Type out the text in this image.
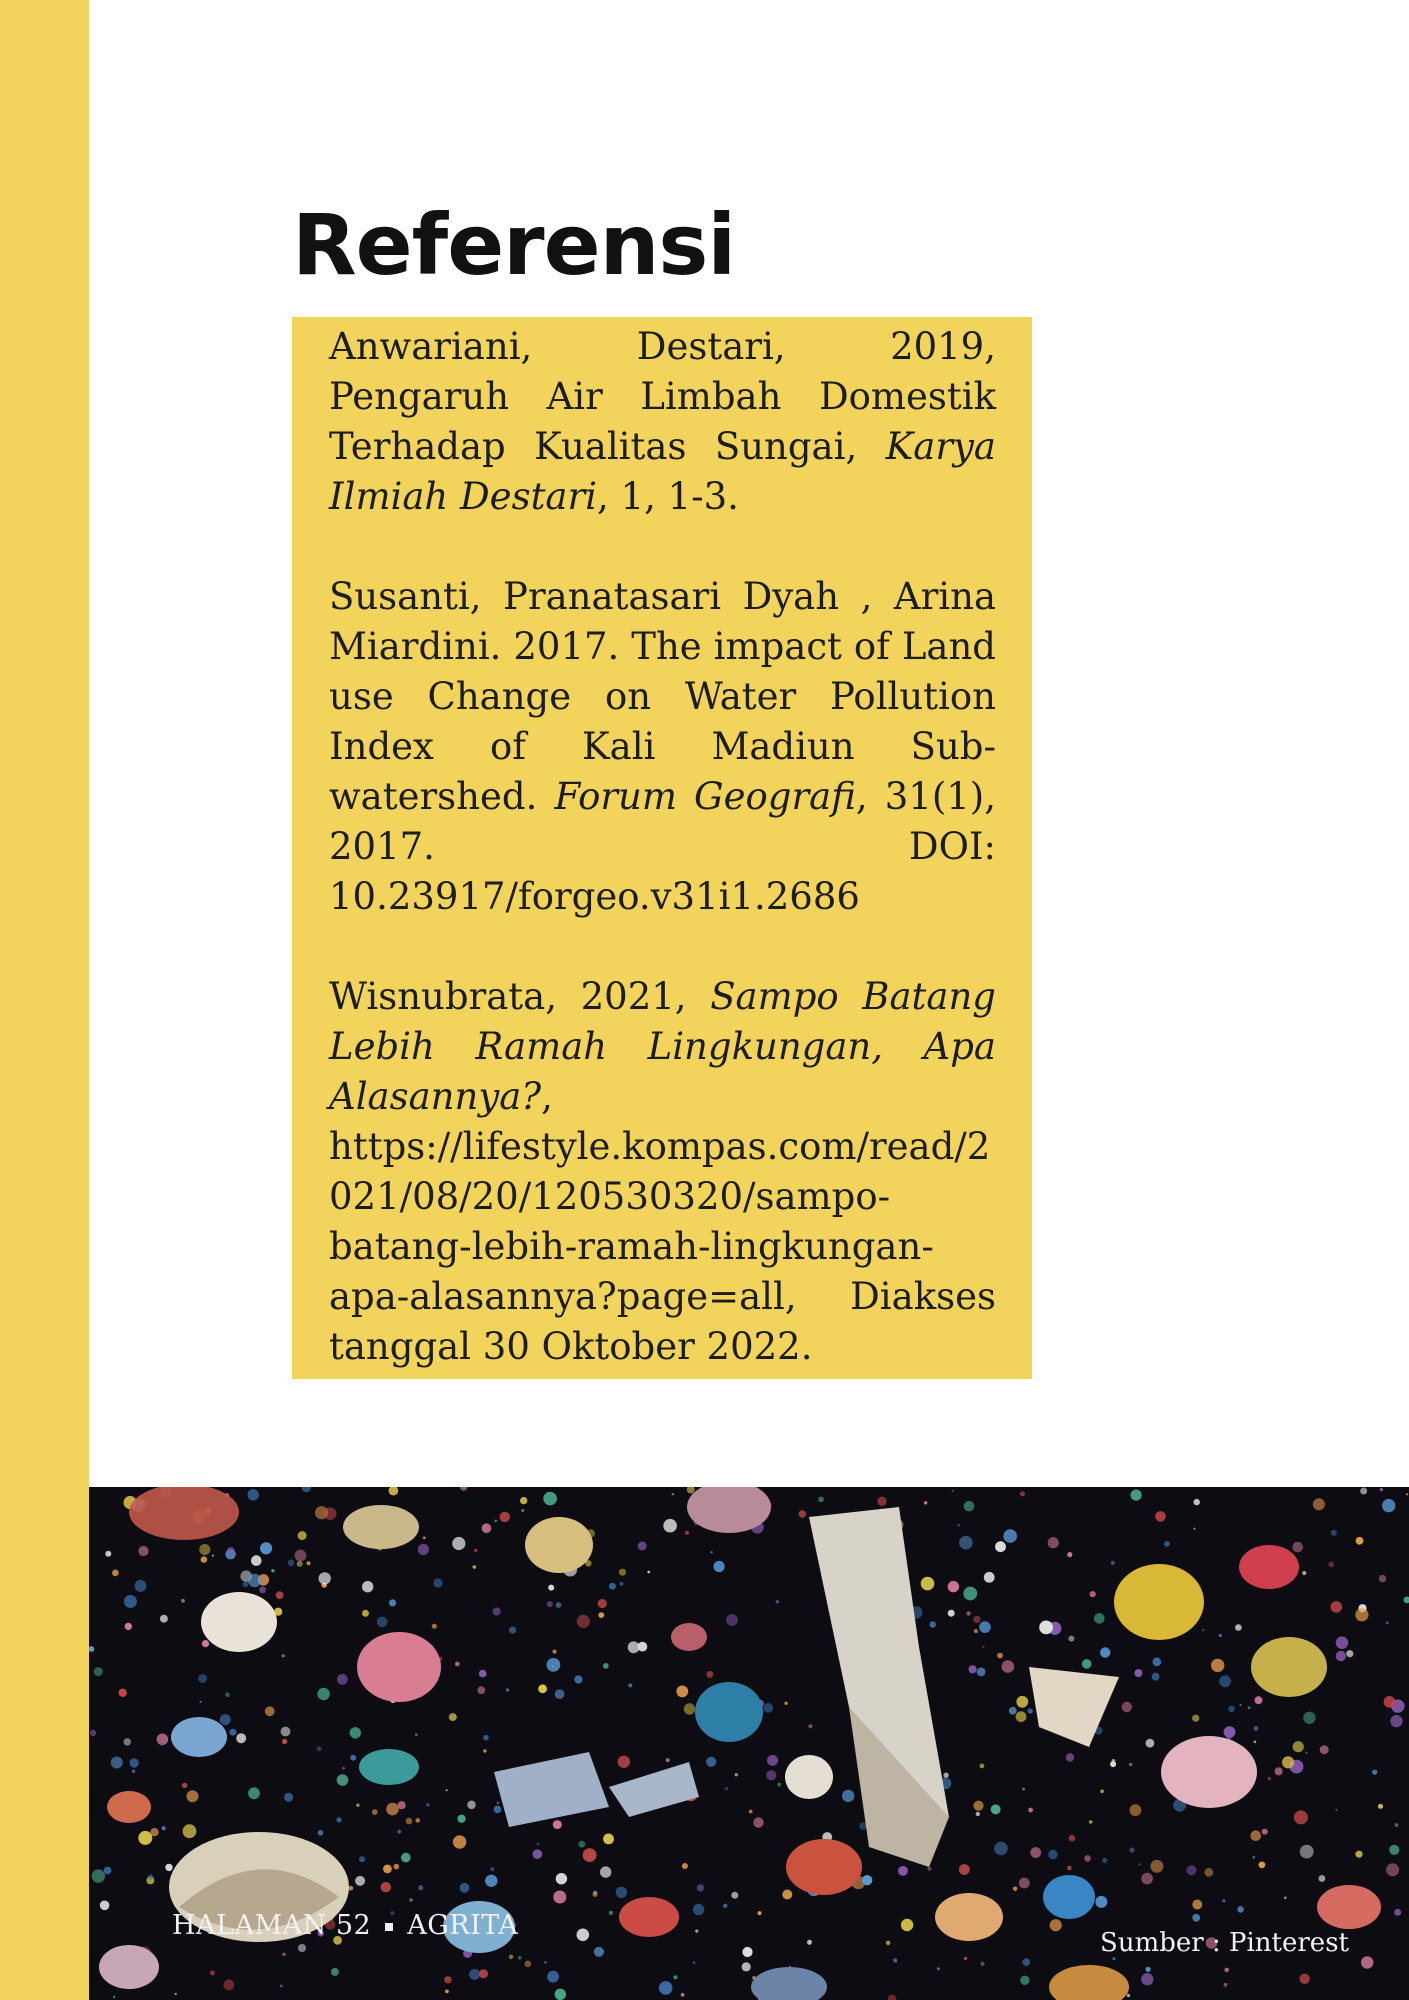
Referensi

Anwariani, Destari, 2019, Pengaruh Air Limbah Domestik Terhadap Kualitas Sungai, Karya Ilmiah Destari, 1, 1-3.

Susanti, Pranatasari Dyah , Arina Miardini. 2017. The impact of Land use Change on Water Pollution Index of Kali Madiun Sub-watershed. Forum Geografi, 31(1), 2017. DOI: 10.23917/forgeo.v31i1.2686

Wisnubrata, 2021, Sampo Batang Lebih Ramah Lingkungan, Apa Alasannya?, https://lifestyle.kompas.com/read/2021/08/20/120530320/sampo-batang-lebih-ramah-lingkungan-apa-alasannya?page=all, Diakses tanggal 30 Oktober 2022.

HALAMAN 52 AGRITA
Sumber : Pinterest
